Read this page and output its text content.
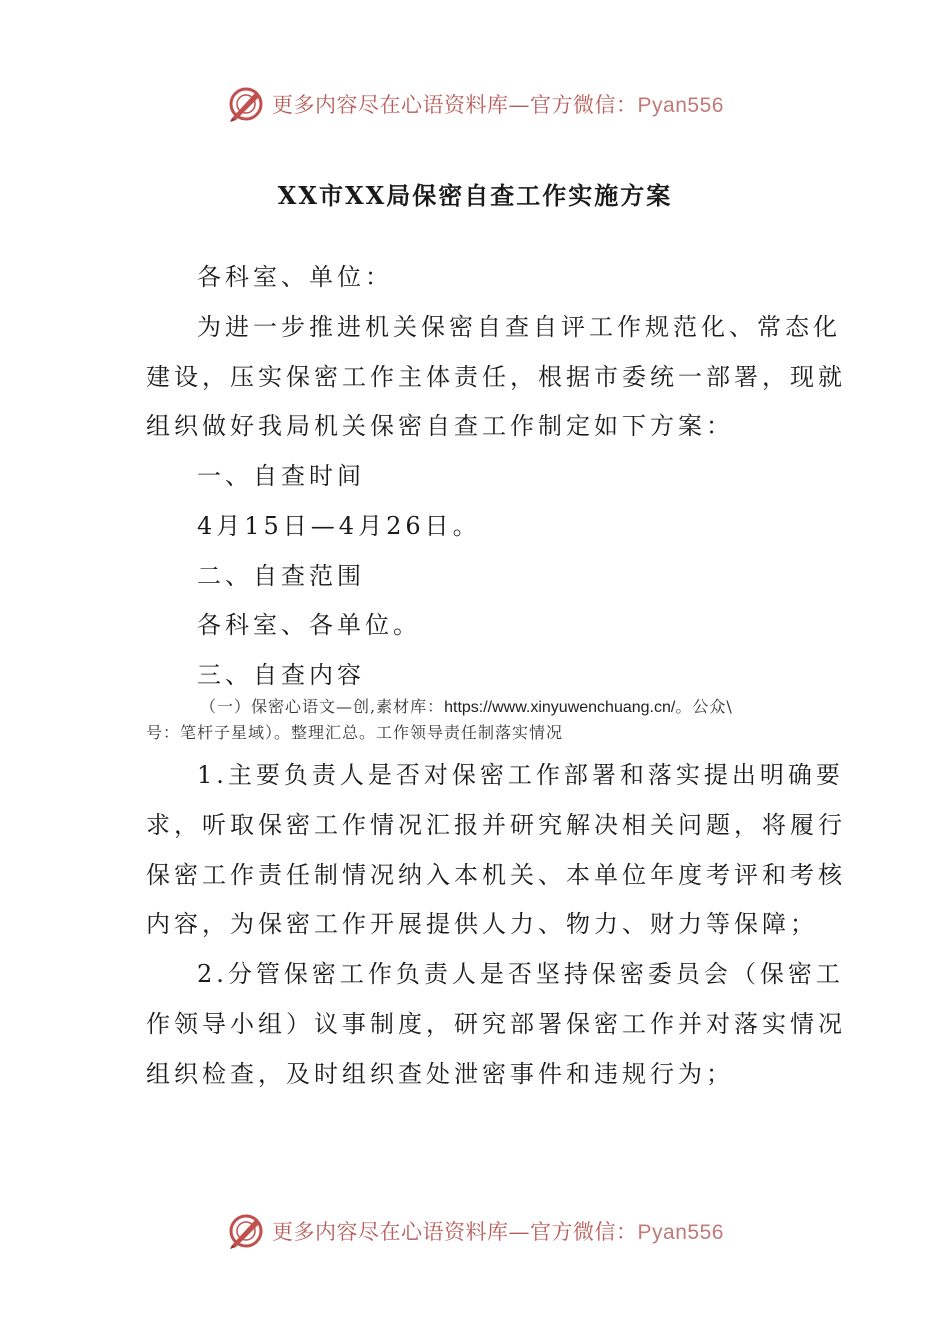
更多内容尽在心语资料库—官方微信：Pyan556
XX市XX局保密自查工作实施方案
各科室、单位：
为进一步推进机关保密自查自评工作规范化、常态化
建设，压实保密工作主体责任，根据市委统一部署，现就
组织做好我局机关保密自查工作制定如下方案：
一、自查时间
4月15日—4月26日。
二、自查范围
各科室、各单位。
三、自查内容
（一）保密心语文—创,素材库：https://www.xinyuwenchuang.cn/。公众\
号：笔杆子星域）。整理汇总。工作领导责任制落实情况
1.主要负责人是否对保密工作部署和落实提出明确要
求，听取保密工作情况汇报并研究解决相关问题，将履行
保密工作责任制情况纳入本机关、本单位年度考评和考核
内容，为保密工作开展提供人力、物力、财力等保障；
2.分管保密工作负责人是否坚持保密委员会（保密工
作领导小组）议事制度，研究部署保密工作并对落实情况
组织检查，及时组织查处泄密事件和违规行为；
更多内容尽在心语资料库—官方微信：Pyan556
